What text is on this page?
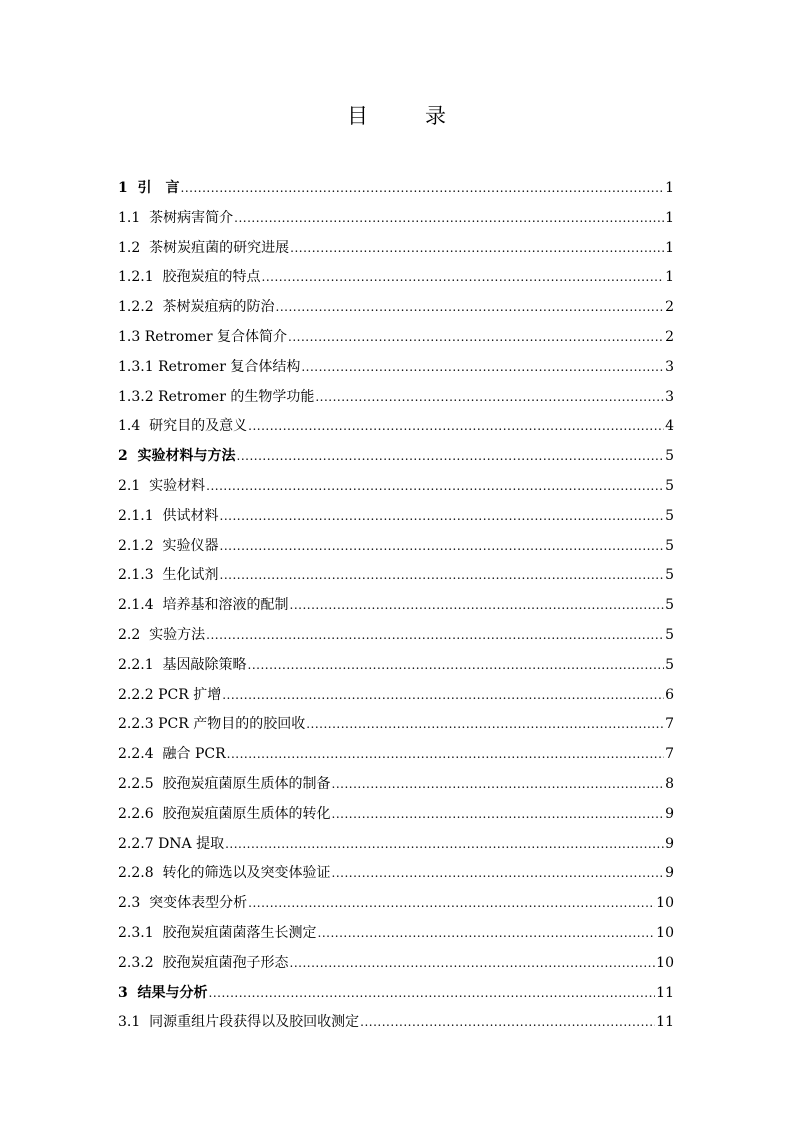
目　录
1  引　言 .....	1
1.1  茶树病害简介 .....	1
1.2  茶树炭疽菌的研究进展 .....	1
1.2.1  胶孢炭疽的特点 .....	1
1.2.2  茶树炭疽病的防治 .....	2
1.3 Retromer 复合体简介 .....	2
1.3.1 Retromer 复合体结构 .....	3
1.3.2 Retromer 的生物学功能 .....	3
1.4  研究目的及意义 .....	4
2  实验材料与方法 .....	5
2.1  实验材料 .....	5
2.1.1  供试材料 .....	5
2.1.2  实验仪器 .....	5
2.1.3  生化试剂 .....	5
2.1.4  培养基和溶液的配制 .....	5
2.2  实验方法 .....	5
2.2.1  基因敲除策略 .....	5
2.2.2 PCR 扩增 .....	6
2.2.3 PCR 产物目的的胶回收 .....	7
2.2.4  融合 PCR .....	7
2.2.5  胶孢炭疽菌原生质体的制备 .....	8
2.2.6  胶孢炭疽菌原生质体的转化 .....	9
2.2.7 DNA 提取 .....	9
2.2.8  转化的筛选以及突变体验证 .....	9
2.3  突变体表型分析 .....	10
2.3.1  胶孢炭疽菌菌落生长测定 .....	10
2.3.2  胶孢炭疽菌孢子形态 .....	10
3  结果与分析 .....	11
3.1  同源重组片段获得以及胶回收测定 .....	11
